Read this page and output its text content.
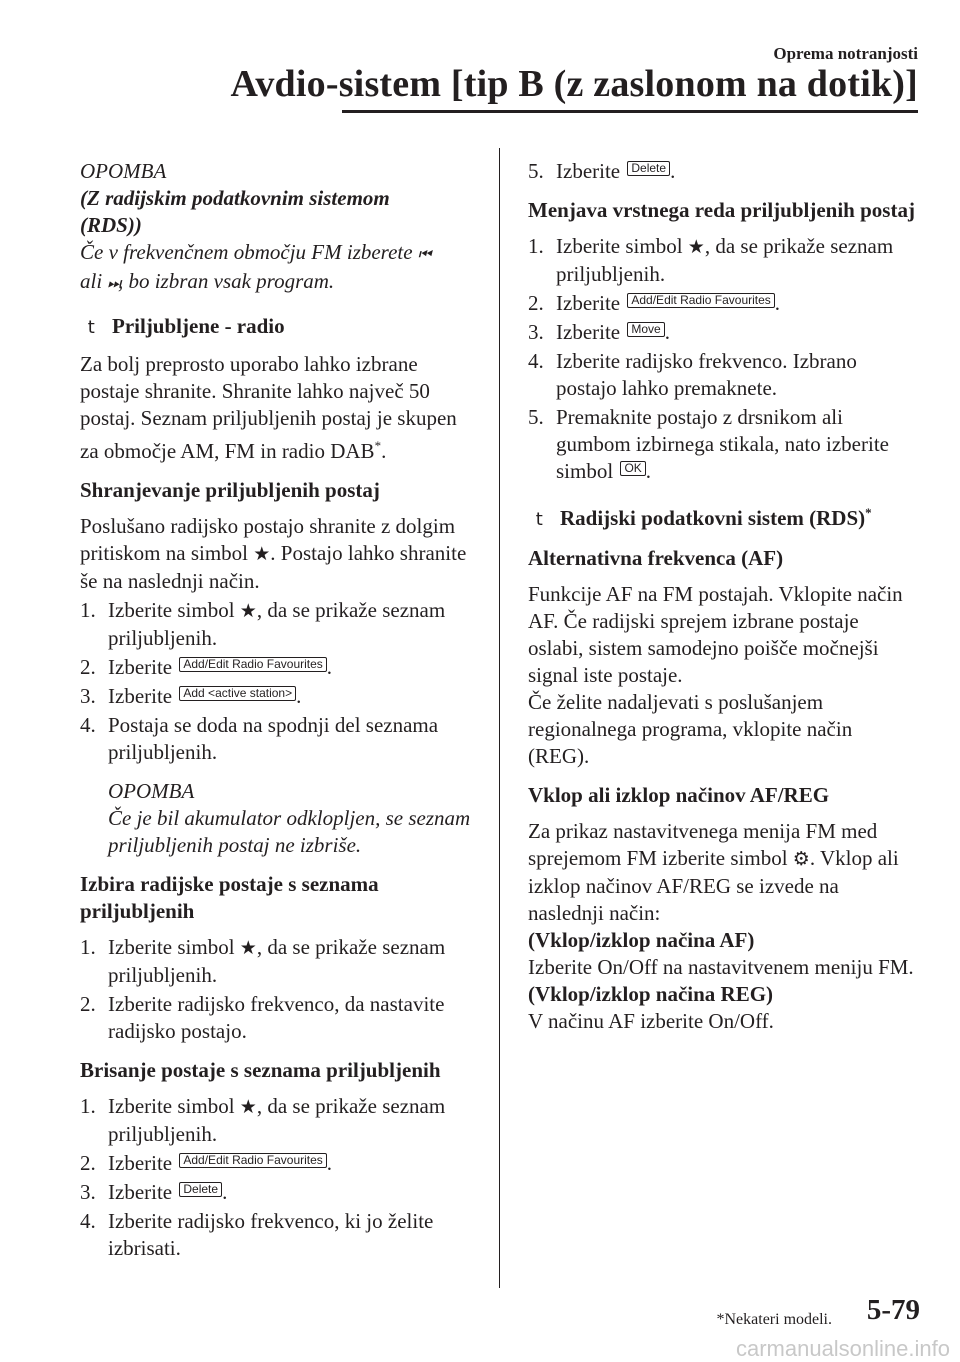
Oprema notranjosti
Avdio-sistem [tip B (z zaslonom na dotik)]

OPOMBA

(Z radijskim podatkovnim sistemom

(RDS))

Če v frekvenčnem območju FM izberete ⏮
ali ⏭, bo izbran vsak program.

t Priljubljene - radio

Za bolj preprosto uporabo lahko izbrane postaje shranite. Shranite lahko največ 50 postaj. Seznam priljubljenih postaj je skupen za območje AM, FM in radio DAB*.

Shranjevanje priljubljenih postaj

Poslušano radijsko postajo shranite z dolgim pritiskom na simbol ★. Postajo lahko shranite še na naslednji način.

1. Izberite simbol ★, da se prikaže seznam priljubljenih.
2. Izberite Add/Edit Radio Favourites .
3. Izberite Add <active station> .
4. Postaja se doda na spodnji del seznama priljubljenih.

OPOMBA

Če je bil akumulator odklopljen, se seznam priljubljenih postaj ne izbriše.

Izbira radijske postaje s seznama priljubljenih
1. Izberite simbol ★, da se prikaže seznam priljubljenih.
2. Izberite radijsko frekvenco, da nastavite radijsko postajo.
Brisanje postaje s seznama priljubljenih
1. Izberite simbol ★, da se prikaže seznam priljubljenih.
2. Izberite Add/Edit Radio Favourites .
3. Izberite Delete .
4. Izberite radijsko frekvenco, ki jo želite izbrisati.
5. Izberite Delete .
Menjava vrstnega reda priljubljenih postaj
1. Izberite simbol ★, da se prikaže seznam priljubljenih.
2. Izberite Add/Edit Radio Favourites .
3. Izberite Move .
4. Izberite radijsko frekvenco. Izbrano postajo lahko premaknete.
5. Premaknite postajo z drsnikom ali gumbom izbirnega stikala, nato izberite simbol OK .
t Radijski podatkovni sistem (RDS)*
Alternativna frekvenca (AF)

Funkcije AF na FM postajah. Vklopite način AF. Če radijski sprejem izbrane postaje oslabi, sistem samodejno poišče močnejši signal iste postaje.

Če želite nadaljevati s poslušanjem regionalnega programa, vklopite način (REG).

Vklop ali izklop načinov AF/REG

Za prikaz nastavitvenega menija FM med sprejemom FM izberite simbol ⚙. Vklop ali izklop načinov AF/REG se izvede na naslednji način:

(Vklop/izklop načina AF)

Izberite On/Off na nastavitvenem meniju FM.

(Vklop/izklop načina REG)

V načinu AF izberite On/Off.

*Nekateri modeli. 5-79
carmanualsonline.info
